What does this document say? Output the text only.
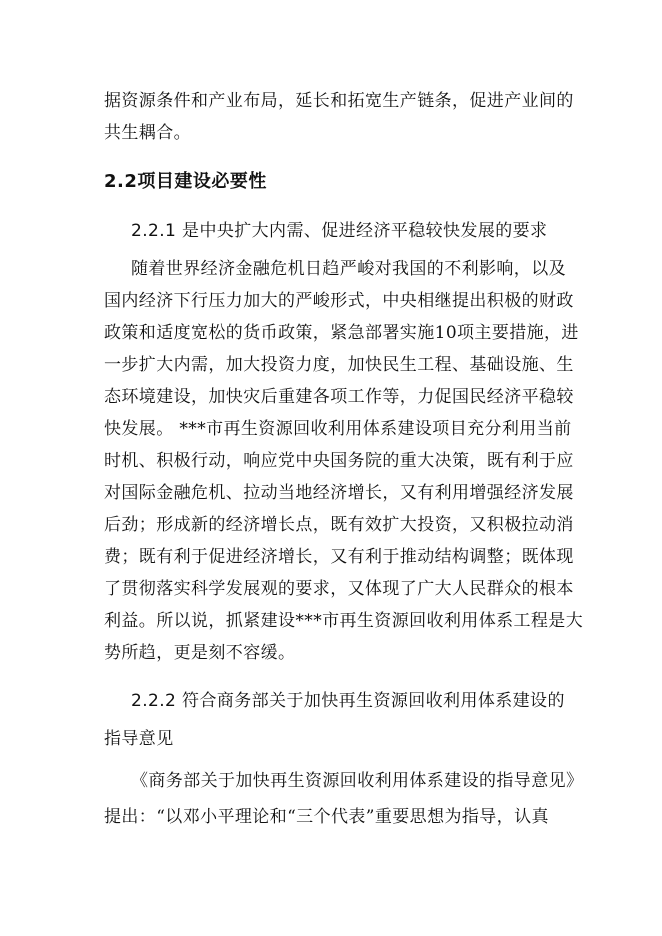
据资源条件和产业布局，延长和拓宽生产链条，促进产业间的
共生耦合。
2.2项目建设必要性
2.2.1 是中央扩大内需、促进经济平稳较快发展的要求
随着世界经济金融危机日趋严峻对我国的不利影响，以及
国内经济下行压力加大的严峻形式，中央相继提出积极的财政
政策和适度宽松的货币政策，紧急部署实施10项主要措施，进
一步扩大内需，加大投资力度，加快民生工程、基础设施、生
态环境建设，加快灾后重建各项工作等，力促国民经济平稳较
快发展。 ***市再生资源回收利用体系建设项目充分利用当前
时机、积极行动，响应党中央国务院的重大决策，既有利于应
对国际金融危机、拉动当地经济增长，又有利用增强经济发展
后劲；形成新的经济增长点，既有效扩大投资，又积极拉动消
费；既有利于促进经济增长，又有利于推动结构调整；既体现
了贯彻落实科学发展观的要求，又体现了广大人民群众的根本
利益。所以说，抓紧建设***市再生资源回收利用体系工程是大
势所趋，更是刻不容缓。
2.2.2 符合商务部关于加快再生资源回收利用体系建设的
指导意见
《商务部关于加快再生资源回收利用体系建设的指导意见》
提出：“以邓小平理论和“三个代表”重要思想为指导，认真
